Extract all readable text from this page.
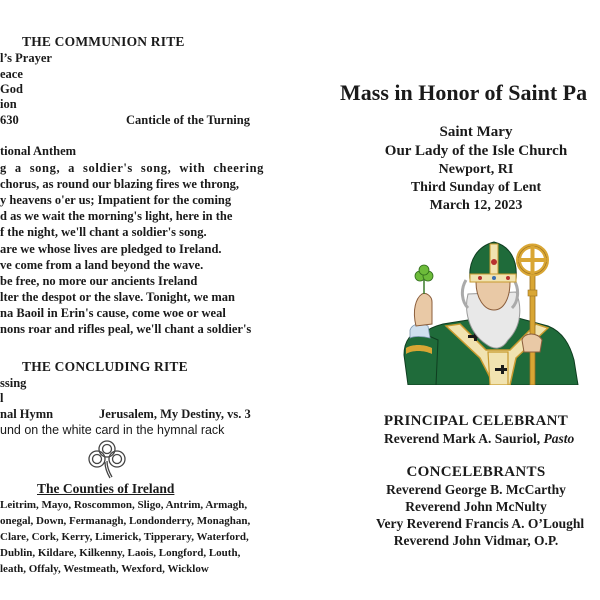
THE COMMUNION RITE
l’s Prayer
eace
God
ion
630	Canticle of the Turning
tional Anthem
g a song, a soldier's song, with cheering
chorus, as round our blazing fires we throng,
y heavens o'er us; Impatient for the coming
d as we wait the morning's light, here in the
f the night, we'll chant a soldier's song.
are we whose lives are pledged to Ireland.
ve come from a land beyond the wave.
be free, no more our ancients Ireland
lter the despot or the slave. Tonight, we man
na Baoil in Erin's cause, come woe or weal
nons roar and rifles peal, we'll chant a soldier's
THE CONCLUDING RITE
ssing
l
nal Hymn	Jerusalem, My Destiny, vs. 3
und on the white card in the hymnal rack
The Counties of Ireland
Leitrim, Mayo, Roscommon, Sligo, Antrim, Armagh,
onegal, Down, Fermanagh, Londonderry, Monaghan,
Clare, Cork, Kerry, Limerick, Tipperary, Waterford,
Dublin, Kildare, Kilkenny, Laois, Longford, Louth,
leath, Offaly, Westmeath, Wexford, Wicklow
Mass in Honor of Saint Pa
Saint Mary
Our Lady of the Isle Church
Newport, RI
Third Sunday of Lent
March 12, 2023
PRINCIPAL CELEBRANT
Reverend Mark A. Sauriol, Pasto
CONCELEBRANTS
Reverend George B. McCarthy
Reverend John McNulty
Very Reverend Francis A. O’Loughl
Reverend John Vidmar, O.P.
